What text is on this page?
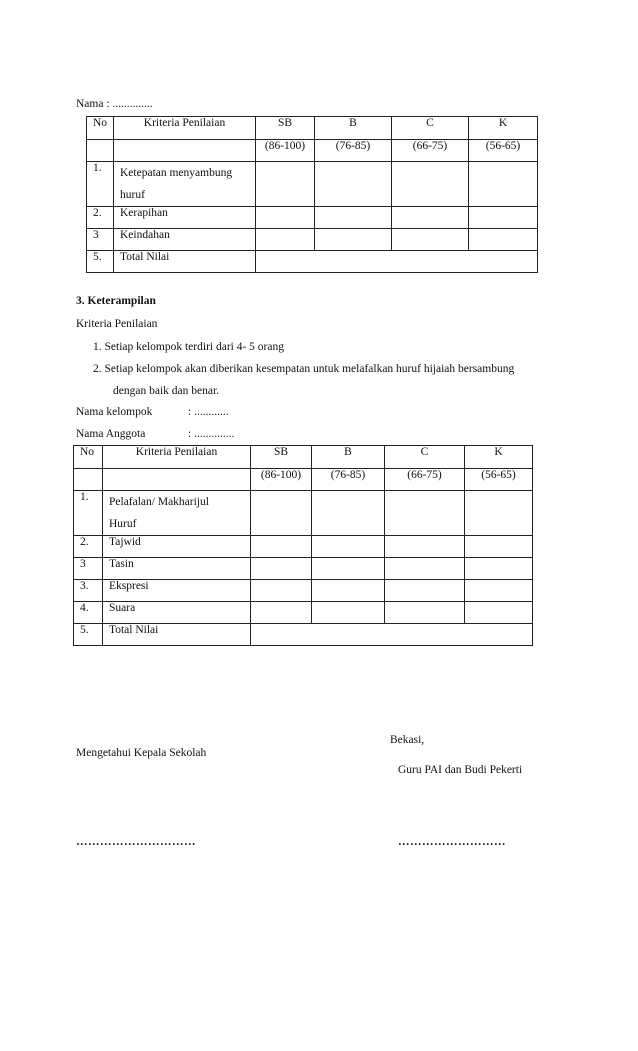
Nama : ..............
No	Kriteria Penilaian	SB	B	C	K
		(86-100)	(76-85)	(66-75)	(56-65)
1.	Ketepatan menyambung
huruf				

2.	Kerapihan				
3	Keindahan				
5.	Total Nilai				
3. Keterampilan
Kriteria Penilaian
1. Setiap kelompok terdiri dari 4- 5 orang
2. Setiap kelompok akan diberikan kesempatan untuk melafalkan huruf hijaiah bersambung
dengan baik dan benar.
Nama kelompok	: ............
Nama Anggota	: ..............
No	Kriteria Penilaian	SB	B	C	K
		(86-100)	(76-85)	(66-75)	(56-65)
1.	Pelafalan/ Makharijul
Huruf				

2.	Tajwid				
3	Tasin				
3.	Ekspresi				
4.	Suara				
5.	Total Nilai				
Bekasi,
Mengetahui Kepala Sekolah
Guru PAI dan Budi Pekerti
…………………………	………………………
